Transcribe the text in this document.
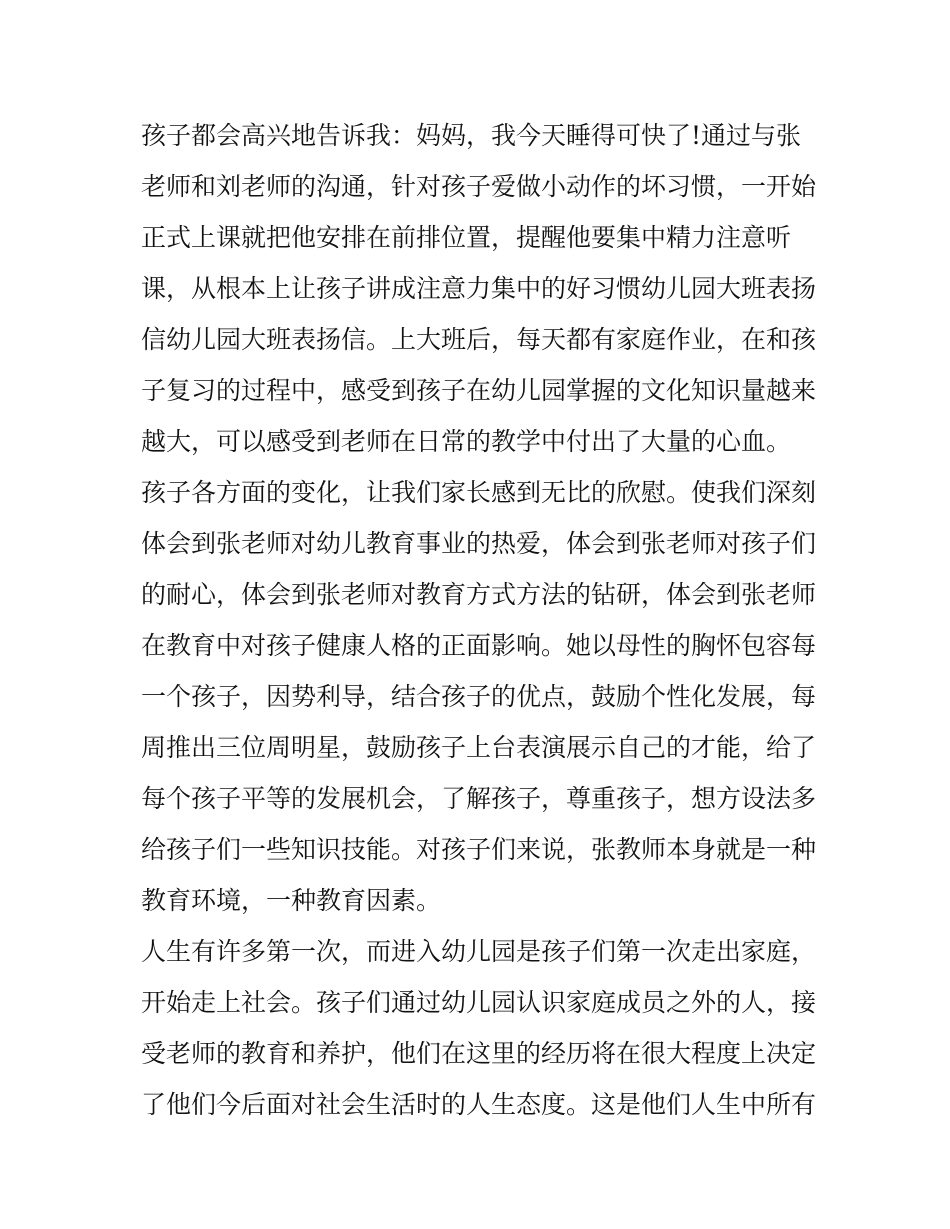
孩子都会高兴地告诉我：妈妈，我今天睡得可快了!通过与张
老师和刘老师的沟通，针对孩子爱做小动作的坏习惯，一开始
正式上课就把他安排在前排位置，提醒他要集中精力注意听
课，从根本上让孩子讲成注意力集中的好习惯幼儿园大班表扬
信幼儿园大班表扬信。上大班后，每天都有家庭作业，在和孩
子复习的过程中，感受到孩子在幼儿园掌握的文化知识量越来
越大，可以感受到老师在日常的教学中付出了大量的心血。
孩子各方面的变化，让我们家长感到无比的欣慰。使我们深刻
体会到张老师对幼儿教育事业的热爱，体会到张老师对孩子们
的耐心，体会到张老师对教育方式方法的钻研，体会到张老师
在教育中对孩子健康人格的正面影响。她以母性的胸怀包容每
一个孩子，因势利导，结合孩子的优点，鼓励个性化发展，每
周推出三位周明星，鼓励孩子上台表演展示自己的才能，给了
每个孩子平等的发展机会，了解孩子，尊重孩子，想方设法多
给孩子们一些知识技能。对孩子们来说，张教师本身就是一种
教育环境，一种教育因素。
人生有许多第一次，而进入幼儿园是孩子们第一次走出家庭，
开始走上社会。孩子们通过幼儿园认识家庭成员之外的人，接
受老师的教育和养护，他们在这里的经历将在很大程度上决定
了他们今后面对社会生活时的人生态度。这是他们人生中所有
